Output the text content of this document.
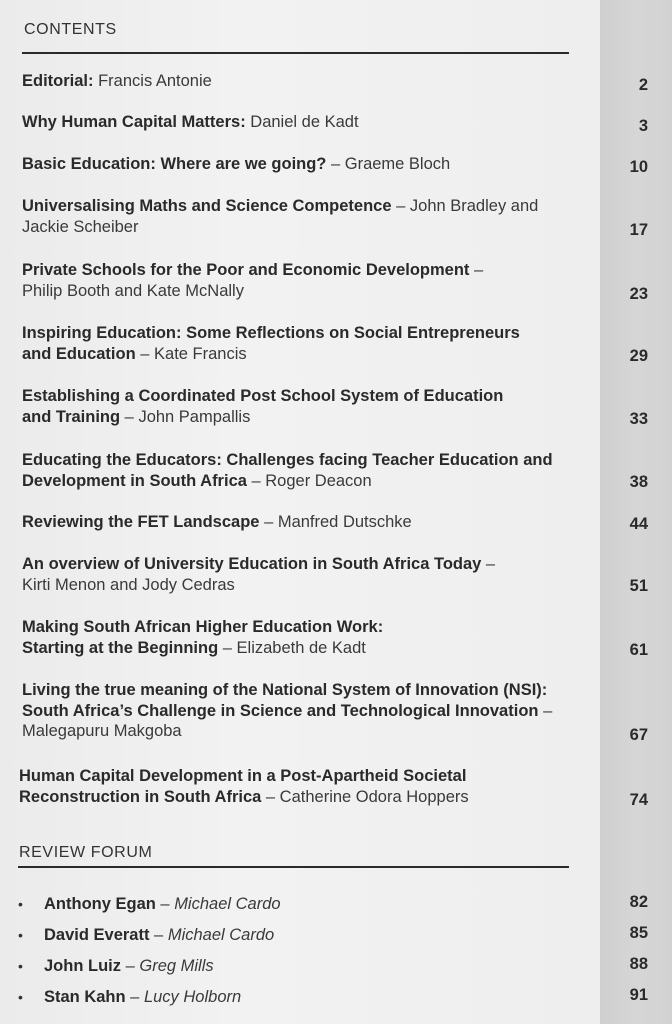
CONTENTS
Editorial: Francis Antonie	2
Why Human Capital Matters: Daniel de Kadt	3
Basic Education: Where are we going? – Graeme Bloch	10
Universalising Maths and Science Competence – John Bradley and Jackie Scheiber	17
Private Schools for the Poor and Economic Development – Philip Booth and Kate McNally	23
Inspiring Education: Some Reflections on Social Entrepreneurs and Education – Kate Francis	29
Establishing a Coordinated Post School System of Education and Training – John Pampallis	33
Educating the Educators: Challenges facing Teacher Education and Development in South Africa – Roger Deacon	38
Reviewing the FET Landscape – Manfred Dutschke	44
An overview of University Education in South Africa Today – Kirti Menon and Jody Cedras	51
Making South African Higher Education Work: Starting at the Beginning – Elizabeth de Kadt	61
Living the true meaning of the National System of Innovation (NSI): South Africa’s Challenge in Science and Technological Innovation – Malegapuru Makgoba	67
Human Capital Development in a Post-Apartheid Societal Reconstruction in South Africa – Catherine Odora Hoppers	74
REVIEW FORUM
• Anthony Egan – Michael Cardo	82
• David Everatt – Michael Cardo	85
• John Luiz – Greg Mills	88
• Stan Kahn – Lucy Holborn	91
